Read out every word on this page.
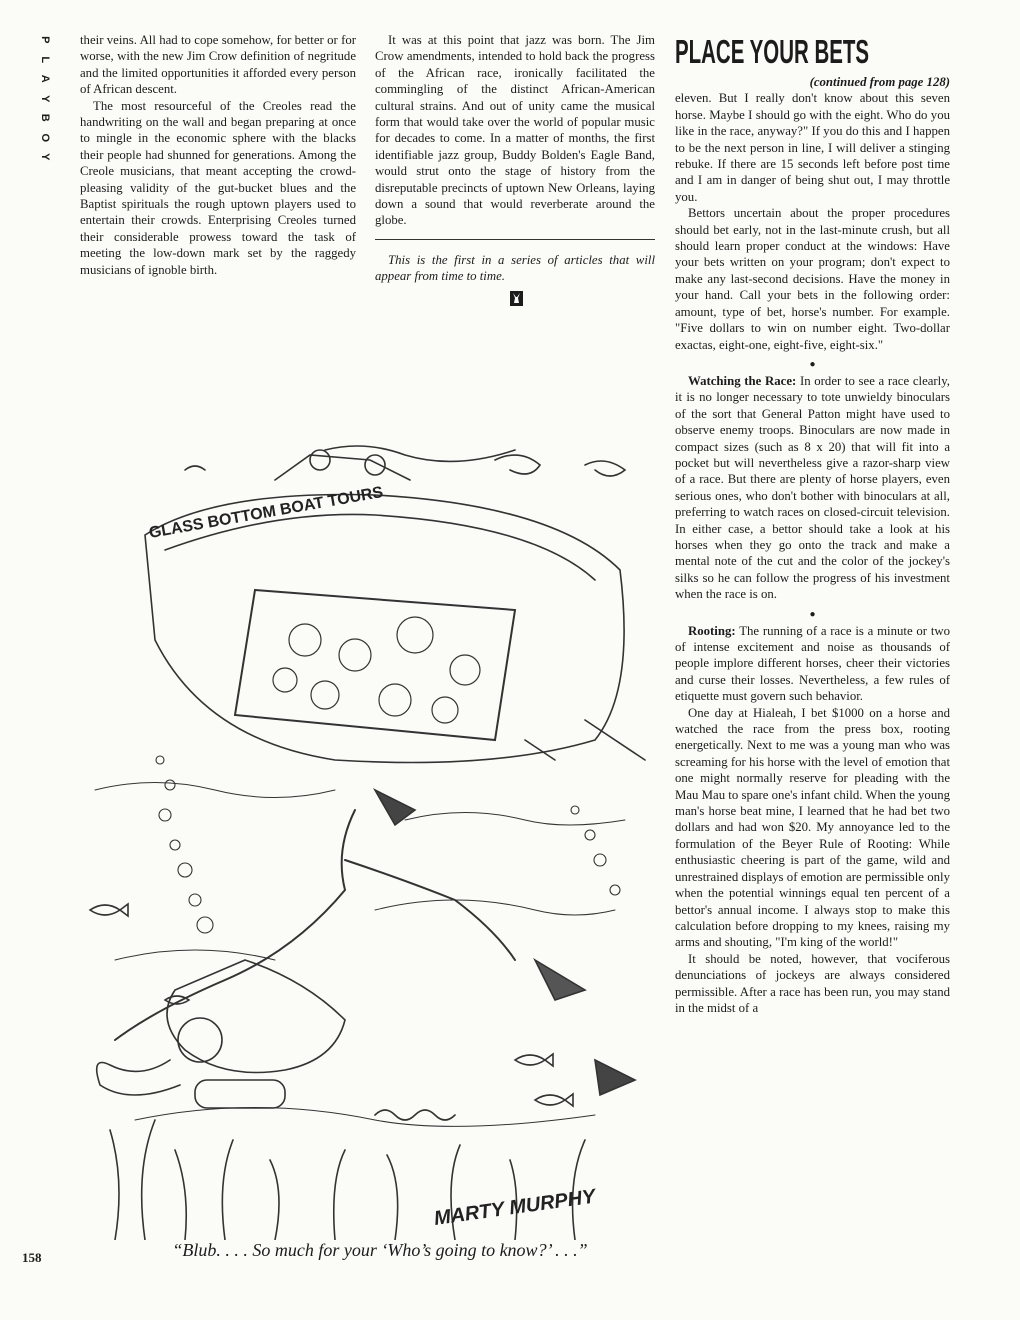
P
L
A
Y
B
O
Y

their veins. All had to cope somehow, for better or for worse, with the new Jim Crow definition of negritude and the limited opportunities it afforded every person of African descent.

The most resourceful of the Creoles read the handwriting on the wall and began preparing at once to mingle in the economic sphere with the blacks their people had shunned for generations. Among the Creole musicians, that meant accepting the crowd-pleasing validity of the gut-bucket blues and the Baptist spirituals the rough uptown players used to entertain their crowds. Enterprising Creoles turned their considerable prowess toward the task of meeting the low-down mark set by the raggedy musicians of ignoble birth.

It was at this point that jazz was born. The Jim Crow amendments, intended to hold back the progress of the African race, ironically facilitated the commingling of the distinct African-American cultural strains. And out of unity came the musical form that would take over the world of popular music for decades to come. In a matter of months, the first identifiable jazz group, Buddy Bolden's Eagle Band, would strut onto the stage of history from the disreputable precincts of uptown New Orleans, laying down a sound that would reverberate around the globe.

This is the first in a series of articles that will appear from time to time.

PLACE YOUR BETS
(continued from page 128)

eleven. But I really don't know about this seven horse. Maybe I should go with the eight. Who do you like in the race, anyway?" If you do this and I happen to be the next person in line, I will deliver a stinging rebuke. If there are 15 seconds left before post time and I am in danger of being shut out, I may throttle you.

Bettors uncertain about the proper procedures should bet early, not in the last-minute crush, but all should learn proper conduct at the windows: Have your bets written on your program; don't expect to make any last-second decisions. Have the money in your hand. Call your bets in the following order: amount, type of bet, horse's number. For example. "Five dollars to win on number eight. Two-dollar exactas, eight-one, eight-five, eight-six."

●

Watching the Race: In order to see a race clearly, it is no longer necessary to tote unwieldy binoculars of the sort that General Patton might have used to observe enemy troops. Binoculars are now made in compact sizes (such as 8 x 20) that will fit into a pocket but will nevertheless give a razor-sharp view of a race. But there are plenty of horse players, even serious ones, who don't bother with binoculars at all, preferring to watch races on closed-circuit television. In either case, a bettor should take a look at his horses when they go onto the track and make a mental note of the cut and the color of the jockey's silks so he can follow the progress of his investment when the race is on.

●

Rooting: The running of a race is a minute or two of intense excitement and noise as thousands of people implore different horses, cheer their victories and curse their losses. Nevertheless, a few rules of etiquette must govern such behavior.

One day at Hialeah, I bet $1000 on a horse and watched the race from the press box, rooting energetically. Next to me was a young man who was screaming for his horse with the level of emotion that one might normally reserve for pleading with the Mau Mau to spare one's infant child. When the young man's horse beat mine, I learned that he had bet two dollars and had won $20. My annoyance led to the formulation of the Beyer Rule of Rooting: While enthusiastic cheering is part of the game, wild and unrestrained displays of emotion are permissible only when the potential winnings equal ten percent of a bettor's annual income. I always stop to make this calculation before dropping to my knees, raising my arms and shouting, "I'm king of the world!"

It should be noted, however, that vociferous denunciations of jockeys are always considered permissible. After a race has been run, you may stand in the midst of a

GLASS BOTTOM BOAT TOURS
MARTY MURPHY
“Blub. . . . So much for your ‘Who’s going to know?’ . . .”
158
